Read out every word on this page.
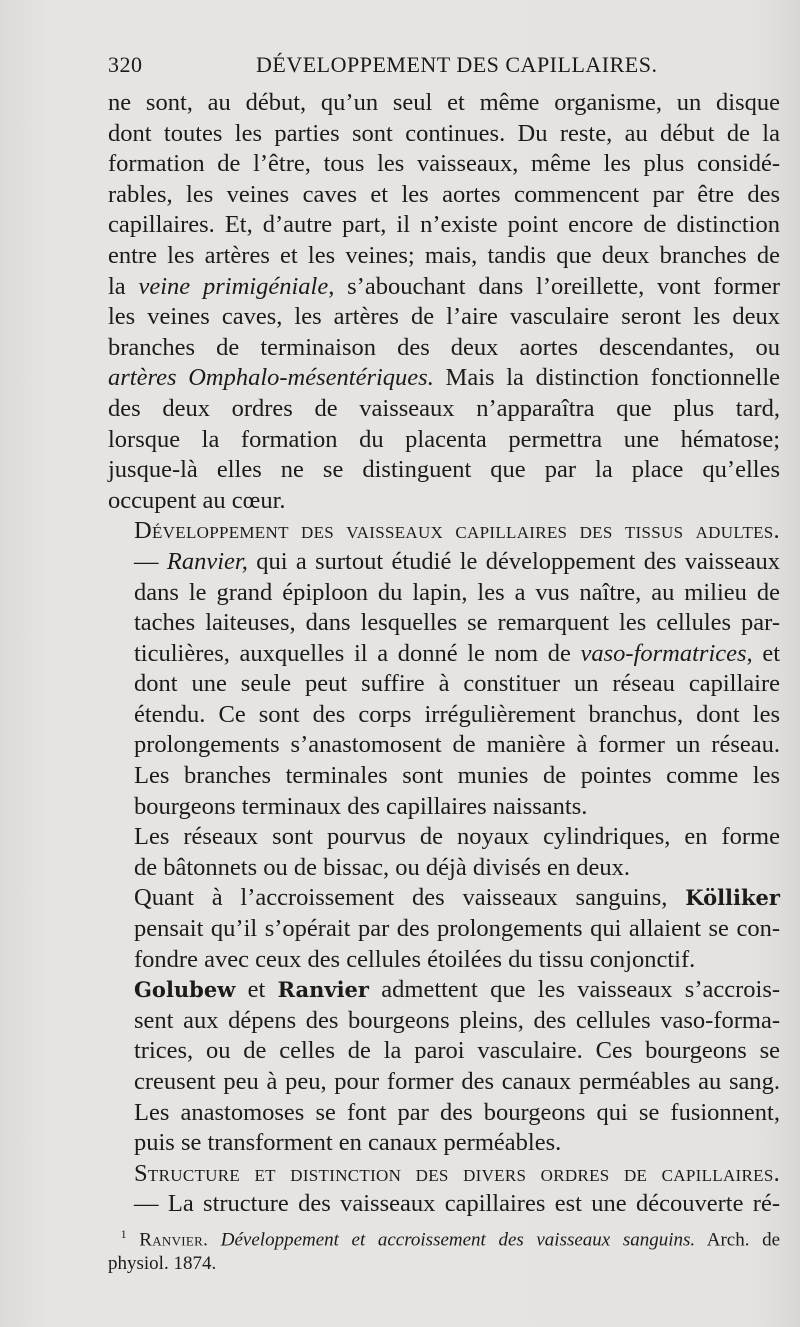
320	DÉVELOPPEMENT DES CAPILLAIRES.

ne sont, au début, qu’un seul et même organisme, un disque
dont toutes les parties sont continues. Du reste, au début de la
formation de l’être, tous les vaisseaux, même les plus considé-
rables, les veines caves et les aortes commencent par être des
capillaires. Et, d’autre part, il n’existe point encore de distinction
entre les artères et les veines; mais, tandis que deux branches de
la veine primigéniale, s’abouchant dans l’oreillette, vont former
les veines caves, les artères de l’aire vasculaire seront les deux
branches de terminaison des deux aortes descendantes, ou
artères Omphalo-mésentériques. Mais la distinction fonctionnelle
des deux ordres de vaisseaux n’apparaîtra que plus tard,
lorsque la formation du placenta permettra une hématose;
jusque-là elles ne se distinguent que par la place qu’elles
occupent au cœur.

Développement des vaisseaux capillaires des tissus adultes.
— Ranvier, qui a surtout étudié le développement des vaisseaux
dans le grand épiploon du lapin, les a vus naître, au milieu de
taches laiteuses, dans lesquelles se remarquent les cellules par-
ticulières, auxquelles il a donné le nom de vaso-formatrices, et
dont une seule peut suffire à constituer un réseau capillaire
étendu. Ce sont des corps irrégulièrement branchus, dont les
prolongements s’anastomosent de manière à former un réseau.
Les branches terminales sont munies de pointes comme les
bourgeons terminaux des capillaires naissants.

Les réseaux sont pourvus de noyaux cylindriques, en forme
de bâtonnets ou de bissac, ou déjà divisés en deux.

Quant à l’accroissement des vaisseaux sanguins, Kölliker
pensait qu’il s’opérait par des prolongements qui allaient se con-
fondre avec ceux des cellules étoilées du tissu conjonctif.

Golubew et Ranvier admettent que les vaisseaux s’accrois-
sent aux dépens des bourgeons pleins, des cellules vaso-forma-
trices, ou de celles de la paroi vasculaire. Ces bourgeons se
creusent peu à peu, pour former des canaux perméables au sang.
Les anastomoses se font par des bourgeons qui se fusionnent,
puis se transforment en canaux perméables.

Structure et distinction des divers ordres de capillaires.
— La structure des vaisseaux capillaires est une découverte ré-

$^1$ Ranvier. Développement et accroissement des vaisseaux sanguins. Arch. de
physiol. 1874.
